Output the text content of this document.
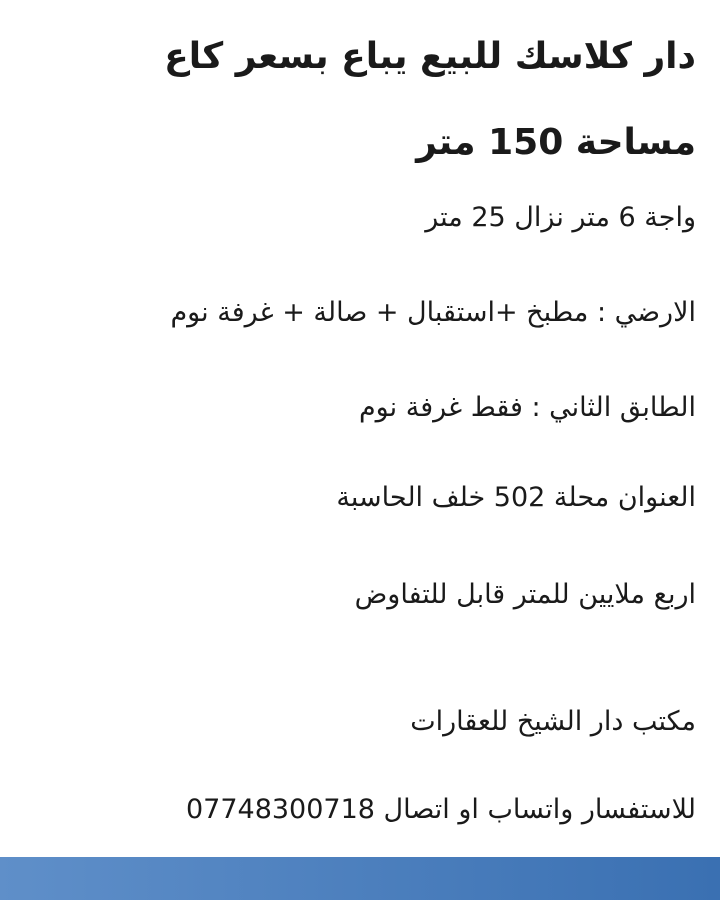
دار كلاسك للبيع يباع بسعر كاع مساحة 150 متر

واجة 6 متر نزال 25 متر

الارضي : مطبخ +استقبال + صالة + غرفة نوم

الطابق الثاني : فقط غرفة نوم

العنوان محلة 502 خلف الحاسبة

اربع ملايين للمتر قابل للتفاوض

مكتب دار الشيخ للعقارات

للاستفسار واتساب او اتصال 07748300718
